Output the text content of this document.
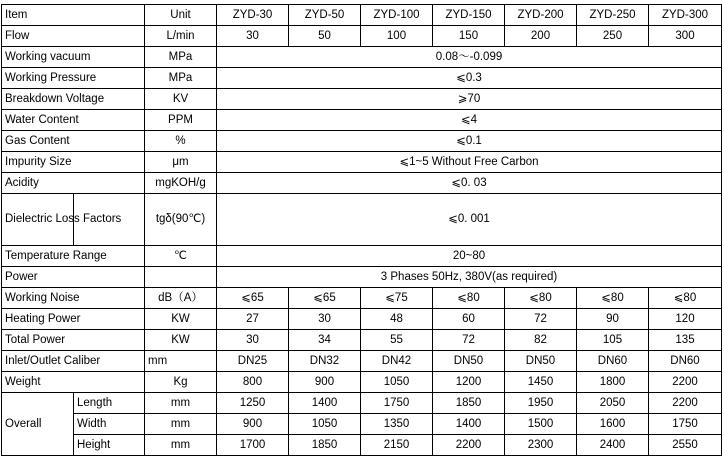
Item		Unit	ZYD-30	ZYD-50	ZYD-100	ZYD-150	ZYD-200	ZYD-250	ZYD-300
Flow		L/min	30	50	100	150	200	250	300
Working vacuum		MPa	0.08～-0.099						
Working Pressure		MPa	⩽0.3						
Breakdown Voltage		KV	⩾70						
Water Content		PPM	⩽4						
Gas Content		%	⩽0.1						
Impurity Size		μm	⩽1~5 Without Free Carbon						
Acidity		mgKOH/g	⩽0. 03						
Dielectric Loss Factors		tgδ(90℃)	⩽0. 001						
Temperature Range		℃	20~80						
Power			3 Phases 50Hz, 380V(as required)						
Working Noise		dB（A）	⩽65	⩽65	⩽75	⩽80	⩽80	⩽80	⩽80
Heating Power		KW	27	30	48	60	72	90	120
Total Power		KW	30	34	55	72	82	105	135
Inlet/Outlet Caliber		mm	DN25	DN32	DN42	DN50	DN50	DN60	DN60
Weight		Kg	800	900	1050	1200	1450	1800	2200
Overall	Length	mm	1250	1400	1750	1850	1950	2050	2200
	Width	mm	900	1050	1350	1400	1500	1600	1750
	Height	mm	1700	1850	2150	2200	2300	2400	2550
